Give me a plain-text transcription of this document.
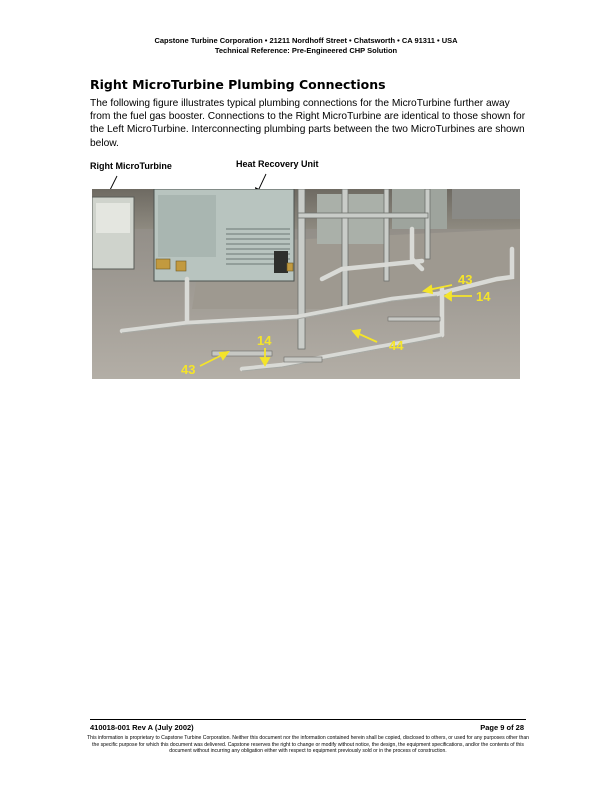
Capstone Turbine Corporation • 21211 Nordhoff Street • Chatsworth • CA 91311 • USA
Technical Reference: Pre-Engineered CHP Solution
Right MicroTurbine Plumbing Connections
The following figure illustrates typical plumbing connections for the MicroTurbine further away from the fuel gas booster. Connections to the Right MicroTurbine are identical to those shown for the Left MicroTurbine. Interconnecting plumbing parts between the two MicroTurbines are shown below.
Right MicroTurbine	Heat Recovery Unit
43
14
14	44
43
410018-001 Rev A (July 2002)	Page 9 of 28
This information is proprietary to Capstone Turbine Corporation. Neither this document nor the information contained herein shall be copied, disclosed to others, or used for any purposes other than the specific purpose for which this document was delivered. Capstone reserves the right to change or modify without notice, the design, the equipment specifications, and/or the contents of this document without incurring any obligation either with respect to equipment previously sold or in the process of construction.
